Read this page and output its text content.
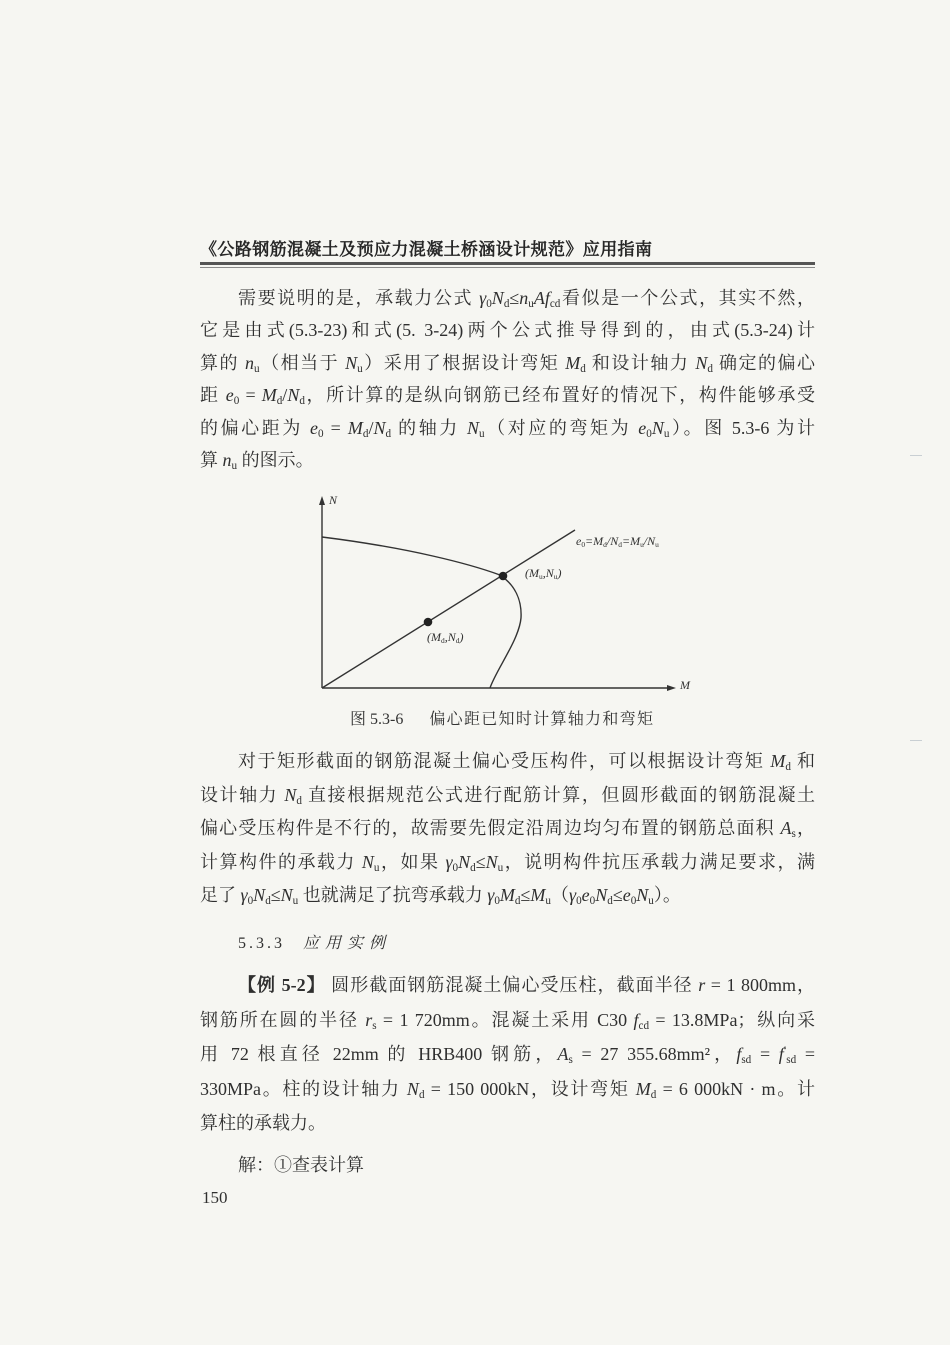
《公路钢筋混凝土及预应力混凝土桥涵设计规范》应用指南
需要说明的是，承载力公式 $\gamma_0N_d\le n_uAf_{cd}$看似是一个公式，其实不然，
它是由式(5.3-23)和式(5. 3-24)两个公式推导得到的，由式(5.3-24)计
算的 $n_u$（相当于 $N_u$）采用了根据设计弯矩 $M_d$ 和设计轴力 $N_d$ 确定的偏心
距 $e_0 = M_d/N_d$，所计算的是纵向钢筋已经布置好的情况下，构件能够承受
的偏心距为 $e_0 = M_d/N_d$ 的轴力 $N_u$（对应的弯矩为 $e_0N_u$）。图 5.3-6 为计
算 $n_u$ 的图示。
N
M
$e_0=M_d/N_d=M_u/N_u$
$(M_u,N_u)$
$(M_d,N_d)$
图 5.3-6 偏心距已知时计算轴力和弯矩
对于矩形截面的钢筋混凝土偏心受压构件，可以根据设计弯矩 $M_d$ 和
设计轴力 $N_d$ 直接根据规范公式进行配筋计算，但圆形截面的钢筋混凝土
偏心受压构件是不行的，故需要先假定沿周边均匀布置的钢筋总面积 $A_s$，
计算构件的承载力 $N_u$，如果 $\gamma_0N_d\le N_u$，说明构件抗压承载力满足要求，满
足了 $\gamma_0N_d\le N_u$ 也就满足了抗弯承载力 $\gamma_0M_d\le M_u(\gamma_0e_0N_d\le e_0N_u)$。
5.3.3 应用实例
【例 5-2】 圆形截面钢筋混凝土偏心受压柱，截面半径 r = 1 800mm，
钢筋所在圆的半径 $r_s = 1$ 720mm。混凝土采用 C30 $f_{cd} = 13.8MPa$；纵向采
用 72 根直径 22mm 的 HRB400 钢筋，$A_s = 27$ 355.68mm²，$f_{sd} = f'_{sd}$ =
330MPa。柱的设计轴力 $N_d = 150$ 000kN，设计弯矩 $M_d = 6$ 000kN · m。计
算柱的承载力。
解：①查表计算
150
